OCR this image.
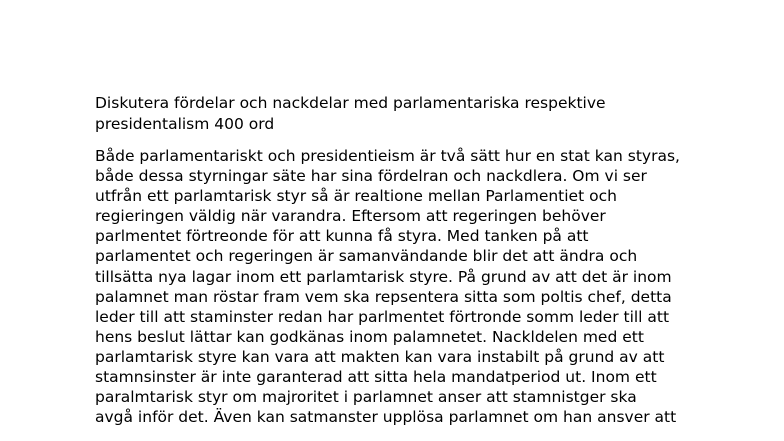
Diskutera fördelar och nackdelar med parlamentariska respektive
presidentalism 400 ord

Både parlamentariskt och presidentieism är två sätt hur en stat kan styras,
både dessa styrningar säte har sina fördelran och nackdlera. Om vi ser
utfrån ett parlamtarisk styr så är realtione mellan Parlamentiet och
regieringen väldig när varandra. Eftersom att regeringen behöver
parlmentet förtreonde för att kunna få styra. Med tanken på att
parlamentet och regeringen är samanvändande blir det att ändra och
tillsätta nya lagar inom ett parlamtarisk styre. På grund av att det är inom
palamnet man röstar fram vem ska repsentera sitta som poltis chef, detta
leder till att staminster redan har parlmentet förtronde somm leder till att
hens beslut lättar kan godkänas inom palamnetet. Nackldelen med ett
parlamtarisk styre kan vara att makten kan vara instabilt på grund av att
stamnsinster är inte garanterad att sitta hela mandatperiod ut. Inom ett
paralmtarisk styr om majroritet i parlamnet anser att stamnistger ska
avgå inför det. Även kan satmanster upplösa parlamnet om han ansver att
